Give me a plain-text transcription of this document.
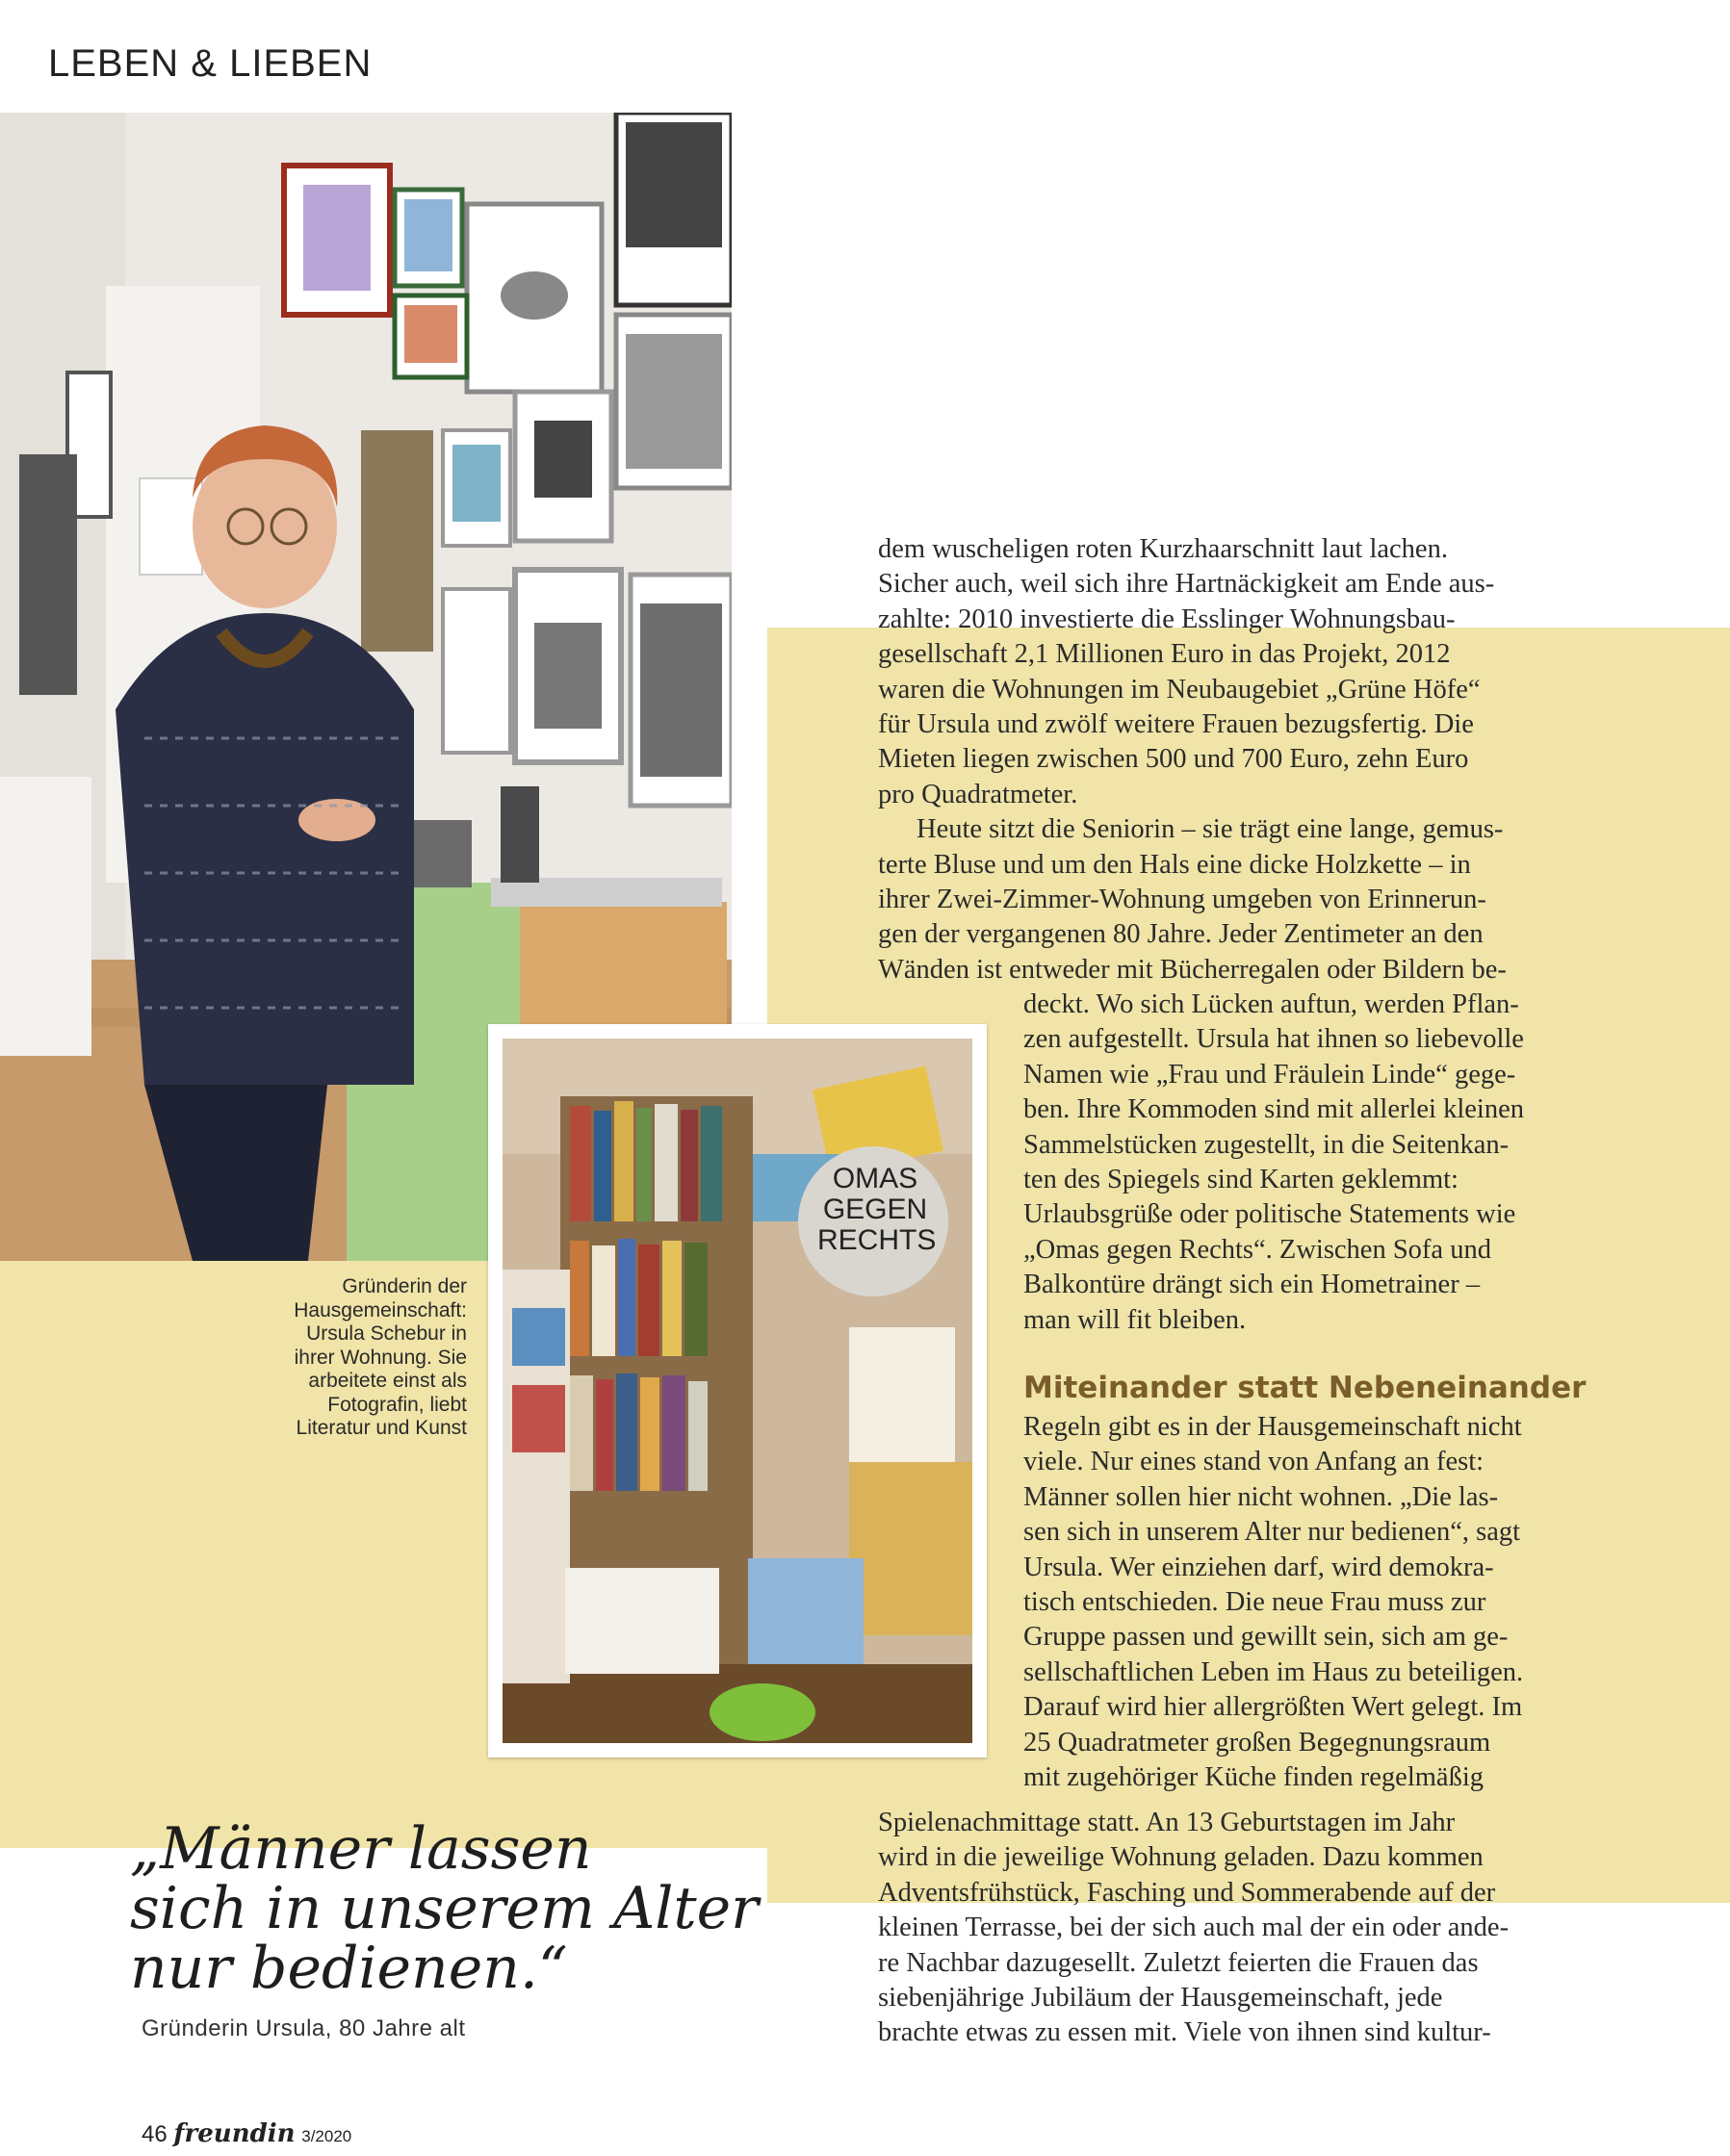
LEBEN & LIEBEN
OMAS
GEGEN
RECHTS
Gründerin der
Hausgemeinschaft:
Ursula Schebur in
ihrer Wohnung. Sie
arbeitete einst als
Fotografin, liebt
Literatur und Kunst
„Männer lassen
sich in unserem Alter
nur bedienen.“
Gründerin Ursula, 80 Jahre alt

dem wuscheligen roten Kurzhaarschnitt laut lachen.

Sicher auch, weil sich ihre Hartnäckigkeit am Ende aus-

zahlte: 2010 investierte die Esslinger Wohnungsbau-

gesellschaft 2,1 Millionen Euro in das Projekt, 2012

waren die Wohnungen im Neubaugebiet „Grüne Höfe“

für Ursula und zwölf weitere Frauen bezugsfertig. Die

Mieten liegen zwischen 500 und 700 Euro, zehn Euro

pro Quadratmeter.

Heute sitzt die Seniorin – sie trägt eine lange, gemus-

terte Bluse und um den Hals eine dicke Holzkette – in

ihrer Zwei-Zimmer-Wohnung umgeben von Erinnerun-

gen der vergangenen 80 Jahre. Jeder Zentimeter an den

Wänden ist entweder mit Bücherregalen oder Bildern be-

deckt. Wo sich Lücken auftun, werden Pflan-

zen aufgestellt. Ursula hat ihnen so liebevolle

Namen wie „Frau und Fräulein Linde“ gege-

ben. Ihre Kommoden sind mit allerlei kleinen

Sammelstücken zugestellt, in die Seitenkan-

ten des Spiegels sind Karten geklemmt:

Urlaubsgrüße oder politische Statements wie

„Omas gegen Rechts“. Zwischen Sofa und

Balkontüre drängt sich ein Hometrainer –

man will fit bleiben.

Miteinander statt Nebeneinander

Regeln gibt es in der Hausgemeinschaft nicht

viele. Nur eines stand von Anfang an fest:

Männer sollen hier nicht wohnen. „Die las-

sen sich in unserem Alter nur bedienen“, sagt

Ursula. Wer einziehen darf, wird demokra-

tisch entschieden. Die neue Frau muss zur

Gruppe passen und gewillt sein, sich am ge-

sellschaftlichen Leben im Haus zu beteiligen.

Darauf wird hier allergrößten Wert gelegt. Im

25 Quadratmeter großen Begegnungsraum

mit zugehöriger Küche finden regelmäßig

Spielenachmittage statt. An 13 Geburtstagen im Jahr

wird in die jeweilige Wohnung geladen. Dazu kommen

Adventsfrühstück, Fasching und Sommerabende auf der

kleinen Terrasse, bei der sich auch mal der ein oder ande-

re Nachbar dazugesellt. Zuletzt feierten die Frauen das

siebenjährige Jubiläum der Hausgemeinschaft, jede

brachte etwas zu essen mit. Viele von ihnen sind kultur-

46 freundin 3/2020
